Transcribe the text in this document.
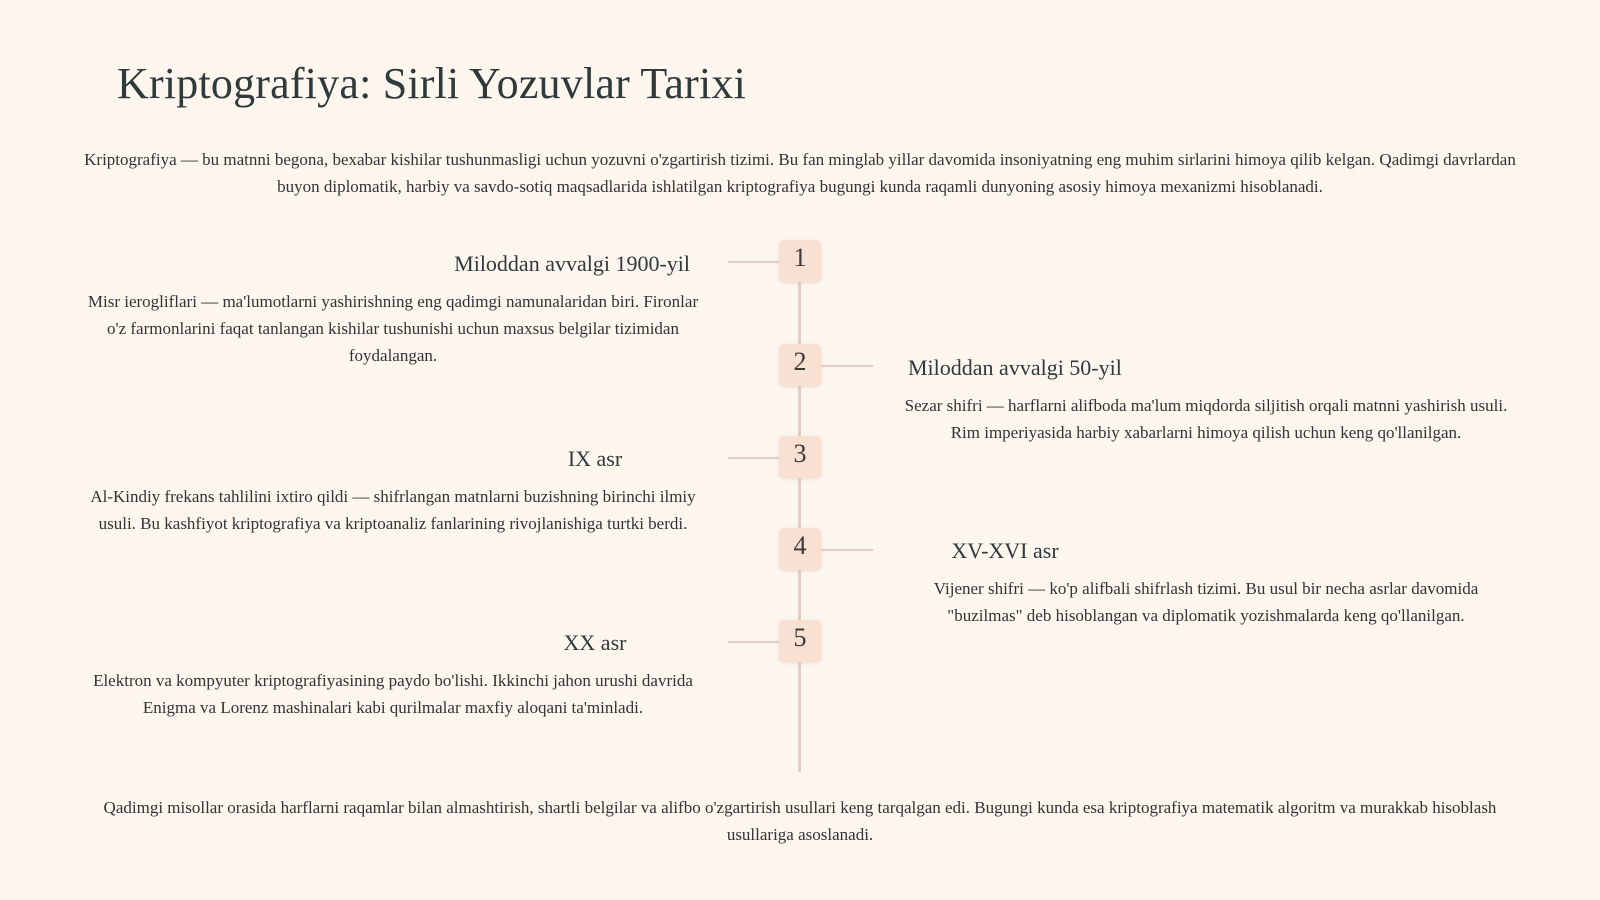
Kriptografiya: Sirli Yozuvlar Tarixi

Kriptografiya — bu matnni begona, bexabar kishilar tushunmasligi uchun yozuvni o'zgartirish tizimi. Bu fan minglab yillar davomida insoniyatning eng muhim sirlarini himoya qilib kelgan. Qadimgi davrlardan buyon diplomatik, harbiy va savdo-sotiq maqsadlarida ishlatilgan kriptografiya bugungi kunda raqamli dunyoning asosiy himoya mexanizmi hisoblanadi.

1
Miloddan avvalgi 1900-yil

Misr ierogliflari — ma'lumotlarni yashirishning eng qadimgi namunalaridan biri. Fironlar o'z farmonlarini faqat tanlangan kishilar tushunishi uchun maxsus belgilar tizimidan foydalangan.	2	Miloddan avvalgi 50-yil

Sezar shifri — harflarni alifboda ma'lum miqdorda siljitish orqali matnni yashirish usuli. Rim imperiyasida harbiy xabarlarni himoya qilish uchun keng qo'llanilgan.

3
IX asr

Al-Kindiy frekans tahlilini ixtiro qildi — shifrlangan matnlarni buzishning birinchi ilmiy usuli. Bu kashfiyot kriptografiya va kriptoanaliz fanlarining rivojlanishiga turtki berdi.

4	XV-XVI asr

Vijener shifri — ko'p alifbali shifrlash tizimi. Bu usul bir necha asrlar davomida "buzilmas" deb hisoblangan va diplomatik yozishmalarda keng qo'llanilgan.

5
XX asr

Elektron va kompyuter kriptografiyasining paydo bo'lishi. Ikkinchi jahon urushi davrida Enigma va Lorenz mashinalari kabi qurilmalar maxfiy aloqani ta'minladi.

Qadimgi misollar orasida harflarni raqamlar bilan almashtirish, shartli belgilar va alifbo o'zgartirish usullari keng tarqalgan edi. Bugungi kunda esa kriptografiya matematik algoritm va murakkab hisoblash usullariga asoslanadi.
